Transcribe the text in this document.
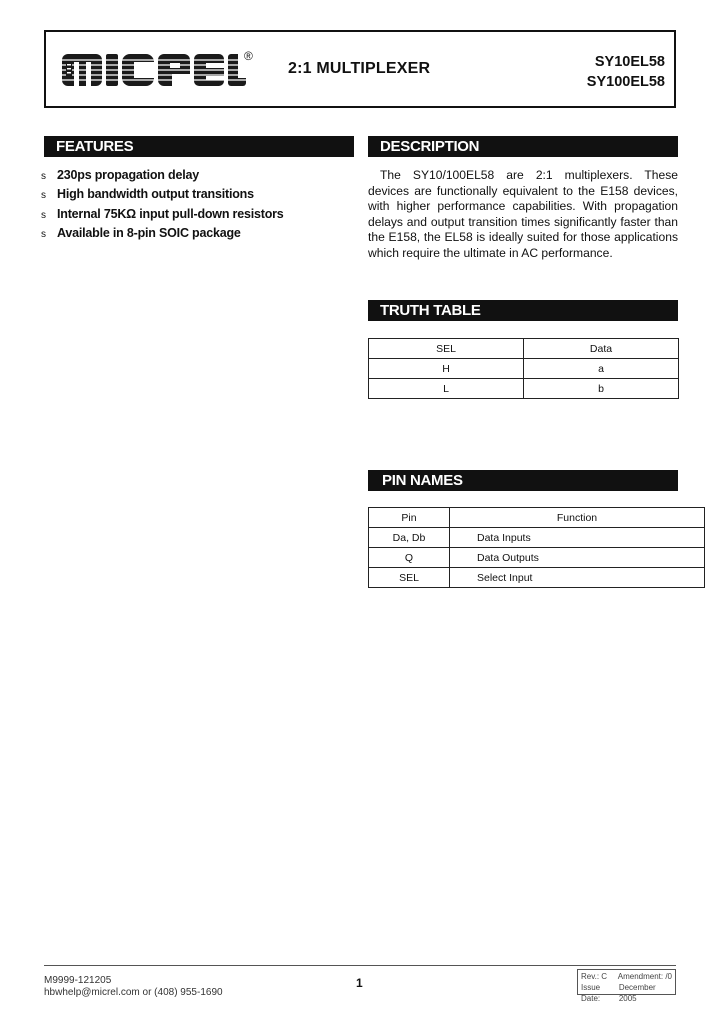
®
2:1 MULTIPLEXER	SY10EL58
SY100EL58
FEATURES
s 230ps propagation delay
s High bandwidth output transitions
s Internal 75KΩ input pull-down resistors
s Available in 8-pin SOIC package
DESCRIPTION

The SY10/100EL58 are 2:1 multiplexers. These devices are functionally equivalent to the E158 devices, with higher performance capabilities. With propagation delays and output transition times significantly faster than the E158, the EL58 is ideally suited for those applications which require the ultimate in AC performance.

TRUTH TABLE
SEL	Data
H	a
L	b
PIN NAMES
Pin	Function
Da, Db	Data Inputs
Q	Data Outputs
SEL	Select Input
M9999-121205
hbwhelp@micrel.com or (408) 955-1690
1	Rev.: C Amendment: /0
Issue Date:
December 2005
